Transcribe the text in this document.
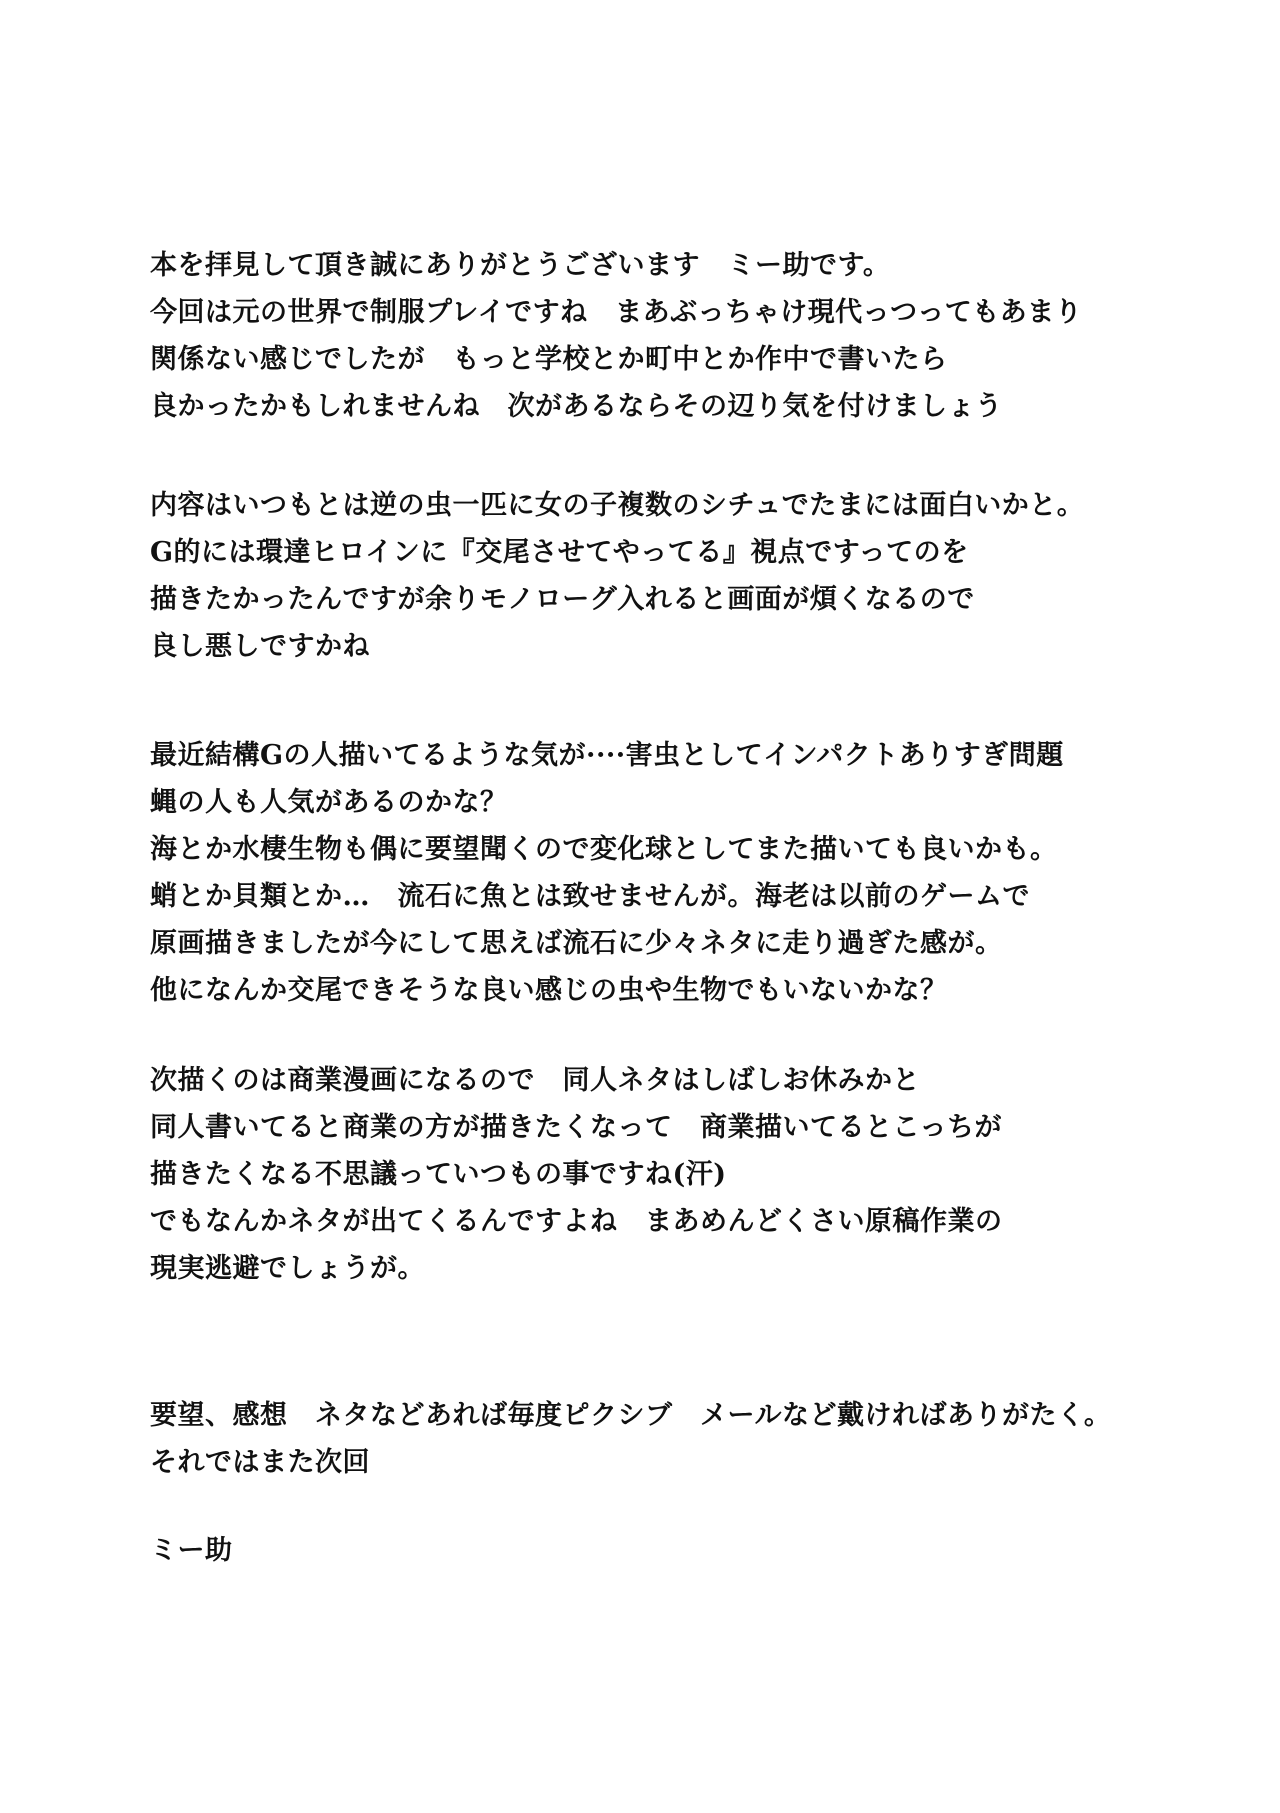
本を拝見して頂き誠にありがとうございます　ミー助です。
今回は元の世界で制服プレイですね　まあぶっちゃけ現代っつってもあまり
関係ない感じでしたが　もっと学校とか町中とか作中で書いたら
良かったかもしれませんね　次があるならその辺り気を付けましょう
内容はいつもとは逆の虫一匹に女の子複数のシチュでたまには面白いかと。
G的には環達ヒロインに『交尾させてやってる』視点ですってのを
描きたかったんですが余りモノローグ入れると画面が煩くなるので
良し悪しですかね
最近結構Gの人描いてるような気が····害虫としてインパクトありすぎ問題
蝿の人も人気があるのかな？
海とか水棲生物も偶に要望聞くので変化球としてまた描いても良いかも。
蛸とか貝類とか…　流石に魚とは致せませんが。海老は以前のゲームで
原画描きましたが今にして思えば流石に少々ネタに走り過ぎた感が。
他になんか交尾できそうな良い感じの虫や生物でもいないかな？
次描くのは商業漫画になるので　同人ネタはしばしお休みかと
同人書いてると商業の方が描きたくなって　商業描いてるとこっちが
描きたくなる不思議っていつもの事ですね(汗)
でもなんかネタが出てくるんですよね　まあめんどくさい原稿作業の
現実逃避でしょうが。
要望、感想　ネタなどあれば毎度ピクシブ　メールなど戴ければありがたく。
それではまた次回
ミー助
